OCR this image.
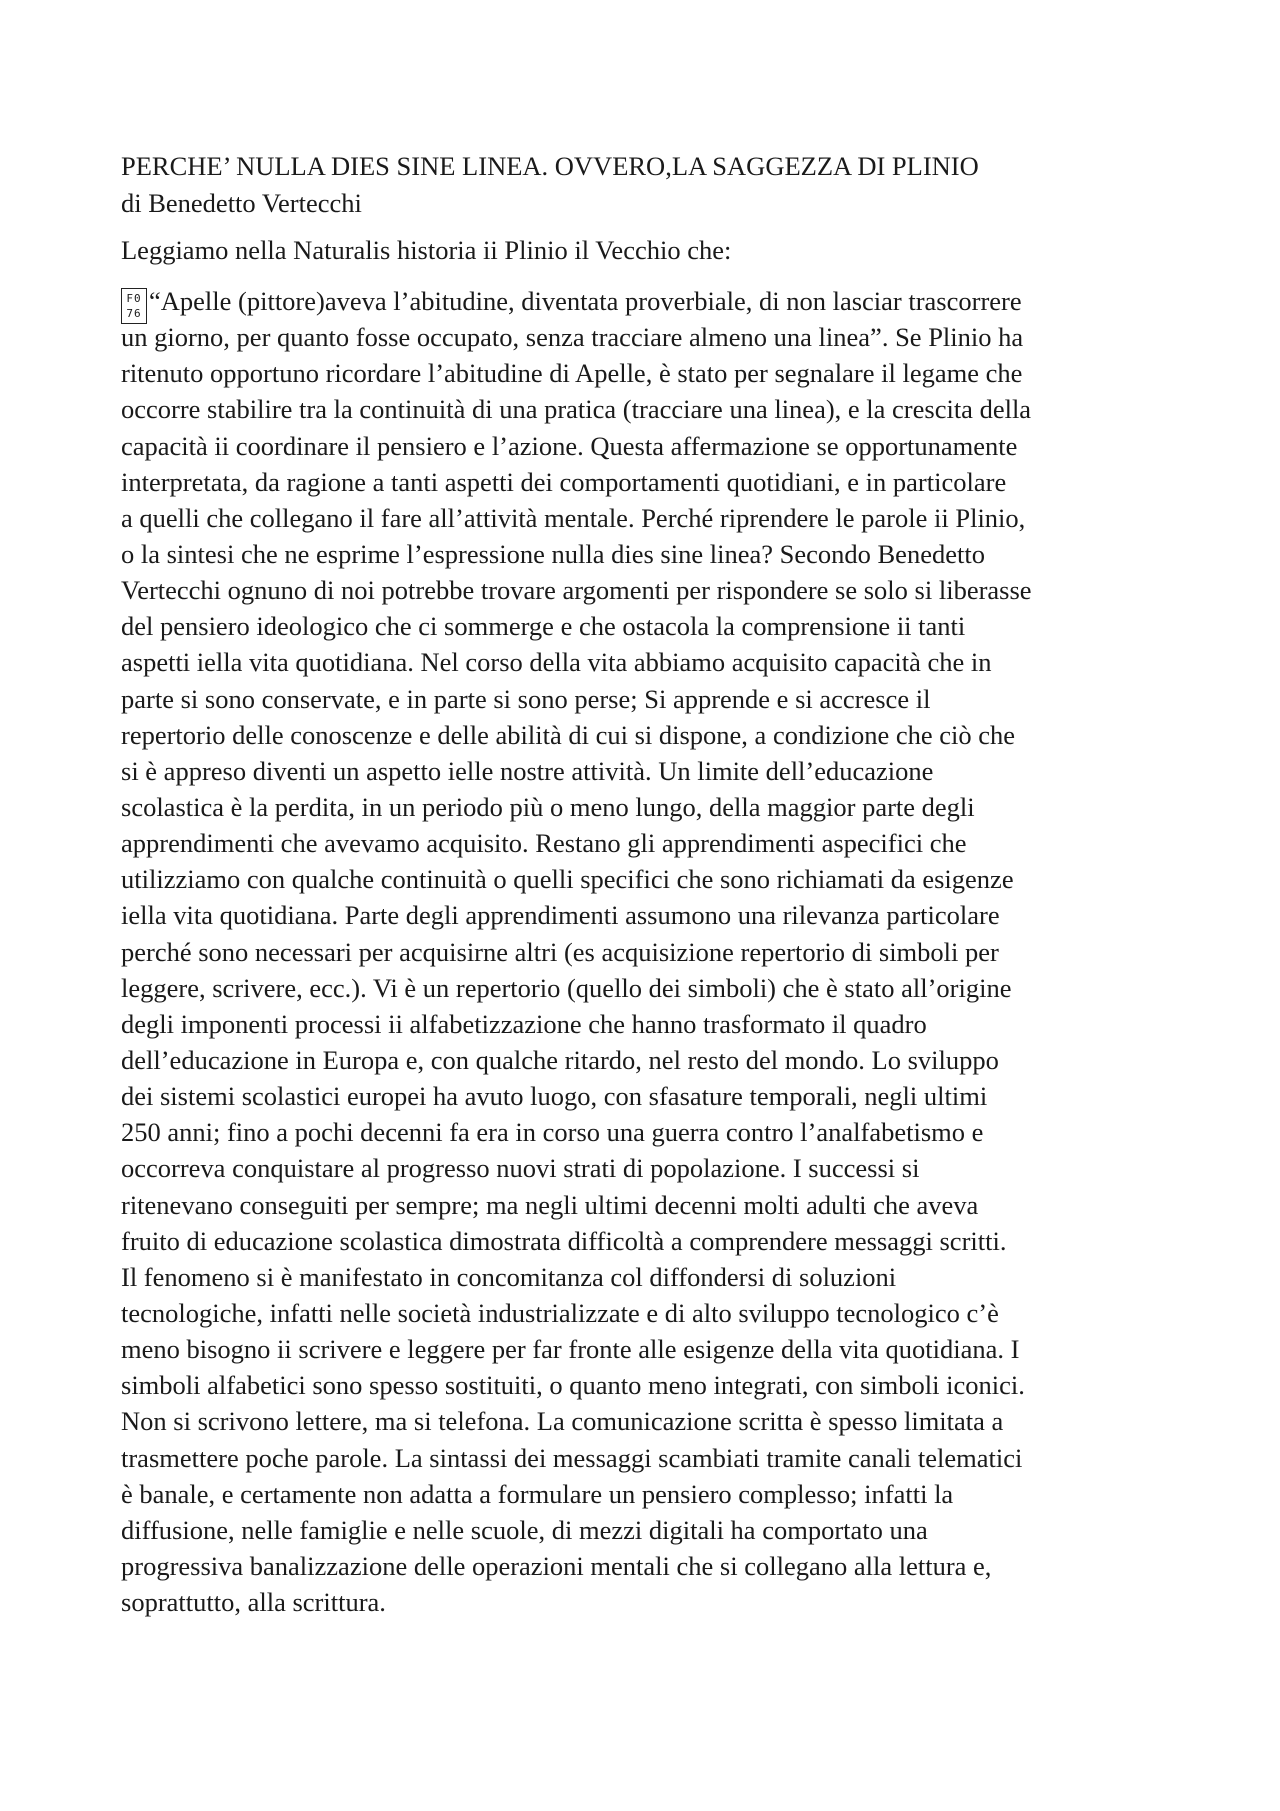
PERCHE’ NULLA DIES SINE LINEA. OVVERO,LA SAGGEZZA DI PLINIO

di Benedetto Vertecchi

Leggiamo nella Naturalis historia ii Plinio il Vecchio che:

F0
76 “Apelle (pittore)aveva l’abitudine, diventata proverbiale, di non lasciar trascorrere
un giorno, per quanto fosse occupato, senza tracciare almeno una linea”. Se Plinio ha
ritenuto opportuno ricordare l’abitudine di Apelle, è stato per segnalare il legame che
occorre stabilire tra la continuità di una pratica (tracciare una linea), e la crescita della
capacità ii coordinare il pensiero e l’azione. Questa affermazione se opportunamente
interpretata, da ragione a tanti aspetti dei comportamenti quotidiani, e in particolare
a quelli che collegano il fare all’attività mentale. Perché riprendere le parole ii Plinio,
o la sintesi che ne esprime l’espressione nulla dies sine linea? Secondo Benedetto
Vertecchi ognuno di noi potrebbe trovare argomenti per rispondere se solo si liberasse
del pensiero ideologico che ci sommerge e che ostacola la comprensione ii tanti
aspetti iella vita quotidiana. Nel corso della vita abbiamo acquisito capacità che in
parte si sono conservate, e in parte si sono perse; Si apprende e si accresce il
repertorio delle conoscenze e delle abilità di cui si dispone, a condizione che ciò che
si è appreso diventi un aspetto ielle nostre attività. Un limite dell’educazione
scolastica è la perdita, in un periodo più o meno lungo, della maggior parte degli
apprendimenti che avevamo acquisito. Restano gli apprendimenti aspecifici che
utilizziamo con qualche continuità o quelli specifici che sono richiamati da esigenze
iella vita quotidiana. Parte degli apprendimenti assumono una rilevanza particolare
perché sono necessari per acquisirne altri (es acquisizione repertorio di simboli per
leggere, scrivere, ecc.). Vi è un repertorio (quello dei simboli) che è stato all’origine
degli imponenti processi ii alfabetizzazione che hanno trasformato il quadro
dell’educazione in Europa e, con qualche ritardo, nel resto del mondo. Lo sviluppo
dei sistemi scolastici europei ha avuto luogo, con sfasature temporali, negli ultimi
250 anni; fino a pochi decenni fa era in corso una guerra contro l’analfabetismo e
occorreva conquistare al progresso nuovi strati di popolazione. I successi si
ritenevano conseguiti per sempre; ma negli ultimi decenni molti adulti che aveva
fruito di educazione scolastica dimostrata difficoltà a comprendere messaggi scritti.
Il fenomeno si è manifestato in concomitanza col diffondersi di soluzioni
tecnologiche, infatti nelle società industrializzate e di alto sviluppo tecnologico c’è
meno bisogno ii scrivere e leggere per far fronte alle esigenze della vita quotidiana. I
simboli alfabetici sono spesso sostituiti, o quanto meno integrati, con simboli iconici.
Non si scrivono lettere, ma si telefona. La comunicazione scritta è spesso limitata a
trasmettere poche parole. La sintassi dei messaggi scambiati tramite canali telematici
è banale, e certamente non adatta a formulare un pensiero complesso; infatti la
diffusione, nelle famiglie e nelle scuole, di mezzi digitali ha comportato una
progressiva banalizzazione delle operazioni mentali che si collegano alla lettura e,
soprattutto, alla scrittura.
